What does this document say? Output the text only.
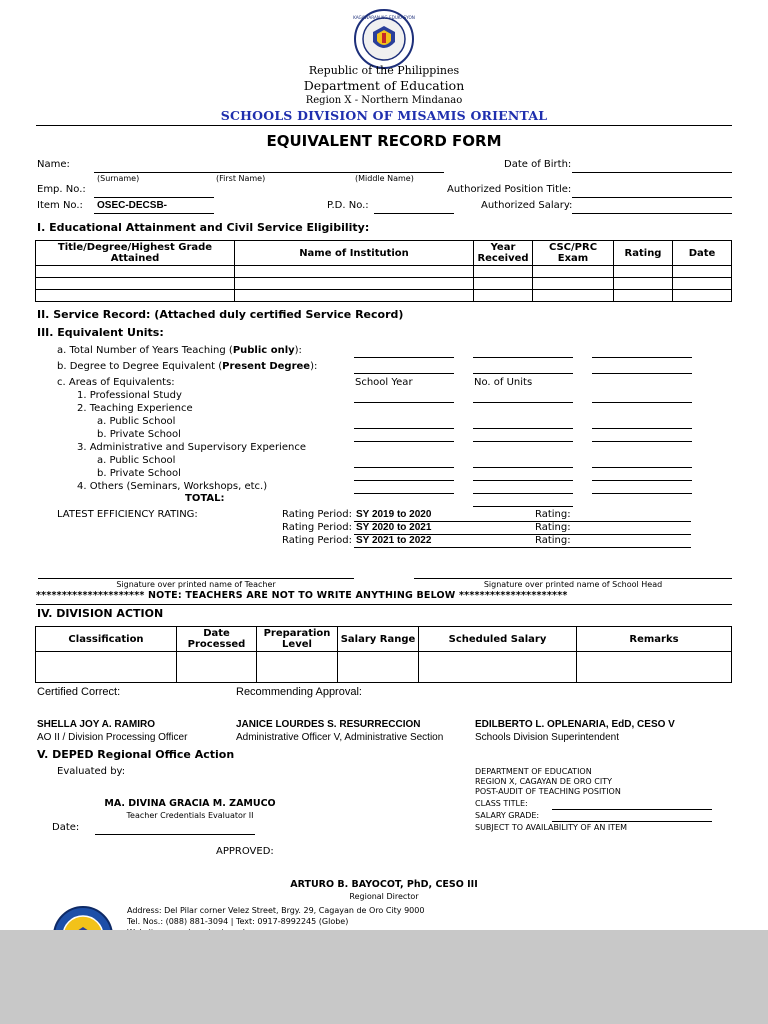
KAGAWARAN NG EDUKASYON
Republic of the Philippines
Department of Education
Region X - Northern Mindanao
SCHOOLS DIVISION OF MISAMIS ORIENTAL
EQUIVALENT RECORD FORM
Name:
(Surname)	(First Name)	(Middle Name)
Date of Birth:
Emp. No.:	Authorized Position Title:
Item No.: OSEC-DECSB-	P.D. No.:	Authorized Salary:
I. Educational Attainment and Civil Service Eligibility:
Title/Degree/Highest Grade Attained	Name of Institution	Year Received	CSC/PRC Exam	Rating	Date

II. Service Record: (Attached duly certified Service Record)
III. Equivalent Units:
a. Total Number of Years Teaching (Public only):
b. Degree to Degree Equivalent (Present Degree):
c. Areas of Equivalents:	School Year	No. of Units
1. Professional Study
2. Teaching Experience
a. Public School
b. Private School
3. Administrative and Supervisory Experience
a. Public School
b. Private School
4. Others (Seminars, Workshops, etc.)
TOTAL:
LATEST EFFICIENCY RATING:	Rating Period: SY 2019 to 2020	Rating:
Rating Period: SY 2020 to 2021	Rating:
Rating Period: SY 2021 to 2022	Rating:
Signature over printed name of Teacher	Signature over printed name of School Head
********************* NOTE: TEACHERS ARE NOT TO WRITE ANYTHING BELOW *********************
IV. DIVISION ACTION
Classification	Date Processed	Preparation Level	Salary Range	Scheduled Salary	Remarks

Certified Correct:	Recommending Approval:
SHELLA JOY A. RAMIRO
AO II / Division Processing Officer
JANICE LOURDES S. RESURRECCION
Administrative Officer V, Administrative Section
EDILBERTO L. OPLENARIA, EdD, CESO V
Schools Division Superintendent
V. DEPED Regional Office Action
Evaluated by:
MA. DIVINA GRACIA M. ZAMUCO
Teacher Credentials Evaluator II
Date:
DEPARTMENT OF EDUCATION
REGION X, CAGAYAN DE ORO CITY
POST-AUDIT OF TEACHING POSITION
CLASS TITLE:
SALARY GRADE:
SUBJECT TO AVAILABILITY OF AN ITEM
APPROVED:
ARTURO B. BAYOCOT, PhD, CESO III
Regional Director
Address: Del Pilar corner Velez Street, Brgy. 29, Cagayan de Oro City 9000
Tel. Nos.: (088) 881-3094 | Text: 0917-8992245 (Globe)
